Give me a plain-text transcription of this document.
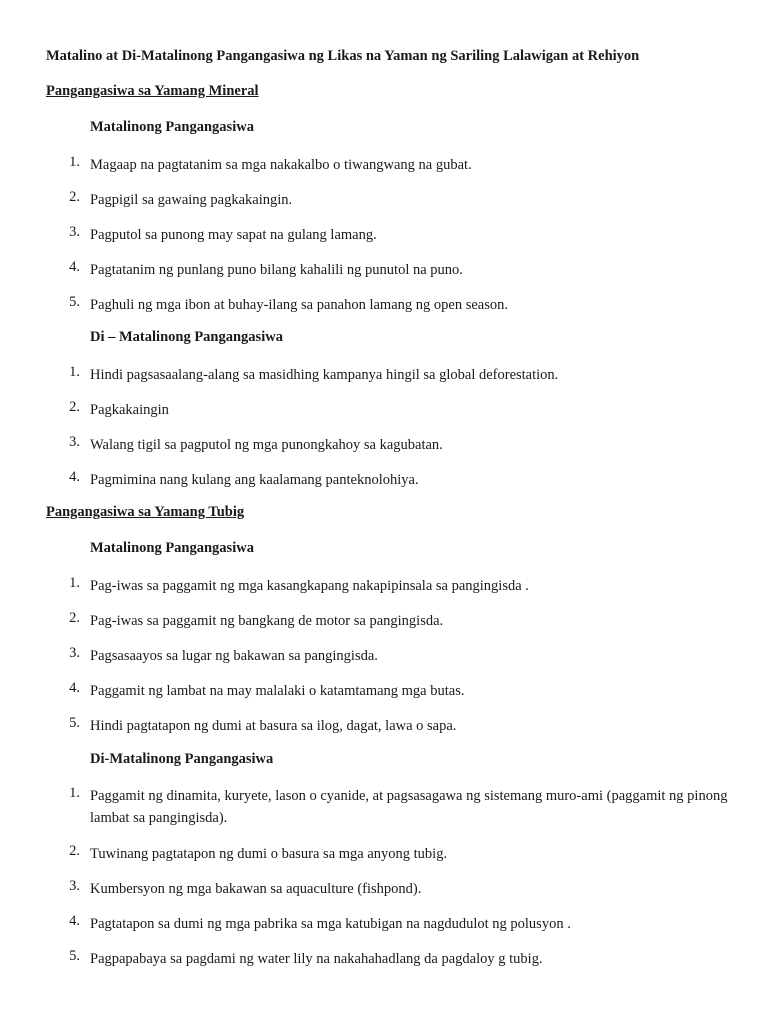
Matalino at Di-Matalinong Pangangasiwa ng Likas na Yaman ng Sariling Lalawigan at Rehiyon
Pangangasiwa sa Yamang Mineral
Matalinong Pangangasiwa
1. Magaap na pagtatanim sa mga nakakalbo o tiwangwang na gubat.
2. Pagpigil sa gawaing pagkakaingin.
3. Pagputol sa punong may sapat na gulang lamang.
4. Pagtatanim ng punlang puno bilang kahalili ng punutol na puno.
5. Paghuli ng mga ibon at buhay-ilang sa panahon lamang ng open season.
Di – Matalinong Pangangasiwa
1. Hindi pagsasaalang-alang sa masidhing kampanya hingil sa global deforestation.
2. Pagkakaingin
3. Walang tigil sa pagputol ng mga punongkahoy sa kagubatan.
4. Pagmimina nang kulang ang kaalamang panteknolohiya.
Pangangasiwa sa Yamang Tubig
Matalinong Pangangasiwa
1. Pag-iwas sa paggamit ng mga kasangkapang nakapipinsala sa pangingisda .
2. Pag-iwas sa paggamit ng bangkang de motor sa pangingisda.
3. Pagsasaayos sa lugar ng bakawan sa pangingisda.
4. Paggamit ng lambat na may malalaki o katamtamang mga butas.
5. Hindi pagtatapon ng dumi at basura sa ilog, dagat, lawa o sapa.
Di-Matalinong Pangangasiwa
1. Paggamit ng dinamita, kuryete, lason o cyanide, at pagsasagawa ng sistemang muro-ami (paggamit ng pinong lambat sa pangingisda).
2. Tuwinang pagtatapon ng dumi o basura sa mga anyong tubig.
3. Kumbersyon ng mga bakawan sa aquaculture (fishpond).
4. Pagtatapon sa dumi ng mga pabrika sa mga katubigan na nagdudulot ng polusyon .
5. Pagpapabaya sa pagdami ng water lily na nakahahadlang da pagdaloy g tubig.
